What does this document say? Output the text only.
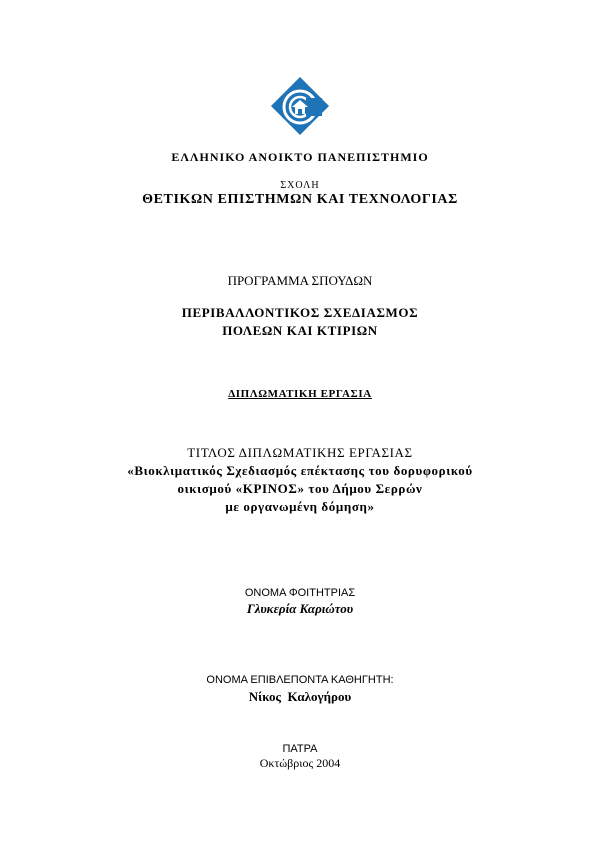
ΕΛΛΗΝΙΚΟ ΑΝΟΙΚΤΟ ΠΑΝΕΠΙΣΤΗΜΙΟ
ΣΧΟΛΗ
ΘΕΤΙΚΩΝ ΕΠΙΣΤΗΜΩΝ ΚΑΙ ΤΕΧΝΟΛΟΓΙΑΣ
ΠΡΟΓΡΑΜΜΑ ΣΠΟΥΔΩΝ
ΠΕΡΙΒΑΛΛΟΝΤΙΚΟΣ ΣΧΕΔΙΑΣΜΟΣ
ΠΟΛΕΩΝ ΚΑΙ ΚΤΙΡΙΩΝ
ΔΙΠΛΩΜΑΤΙΚΗ ΕΡΓΑΣΙΑ
ΤΙΤΛΟΣ ΔΙΠΛΩΜΑΤΙΚΗΣ ΕΡΓΑΣΙΑΣ
«Βιοκλιματικός Σχεδιασμός επέκτασης του δορυφορικού
οικισμού «ΚΡΙΝΟΣ» του Δήμου Σερρών
με οργανωμένη δόμηση»
ΟΝΟΜΑ ΦΟΙΤΗΤΡΙΑΣ
Γλυκερία Καριώτου
ΟΝΟΜΑ ΕΠΙΒΛΕΠΟΝΤΑ ΚΑΘΗΓΗΤΗ:
Νίκος  Καλογήρου
ΠΑΤΡΑ
Οκτώβριος 2004
